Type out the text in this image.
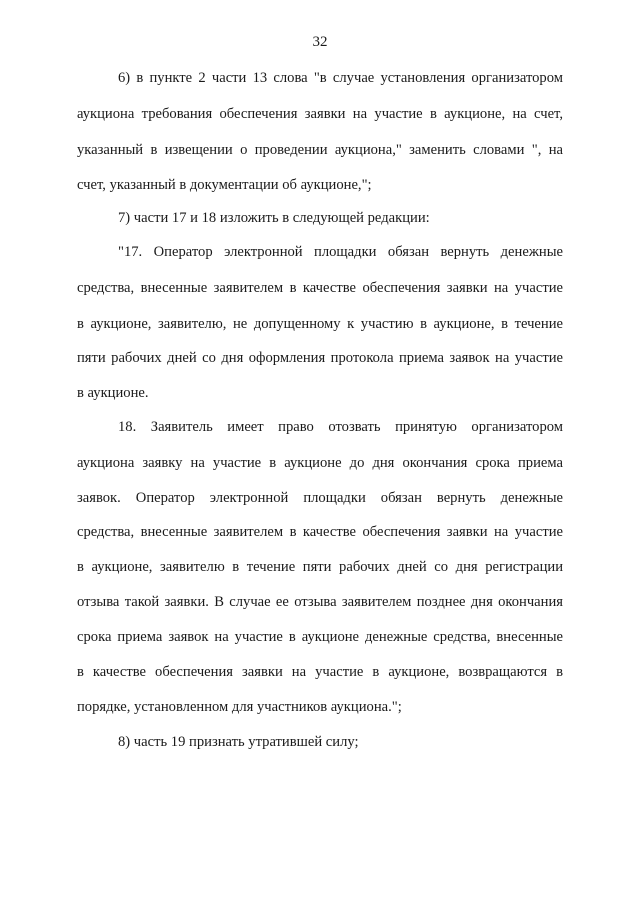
32
6) в пункте 2 части 13 слова "в случае установления организатором
аукциона требования обеспечения заявки на участие в аукционе, на счет,
указанный в извещении о проведении аукциона," заменить словами ", на
счет, указанный в документации об аукционе,";
7) части 17 и 18 изложить в следующей редакции:
"17. Оператор электронной площадки обязан вернуть денежные
средства, внесенные заявителем в качестве обеспечения заявки на участие
в аукционе, заявителю, не допущенному к участию в аукционе, в течение
пяти рабочих дней со дня оформления протокола приема заявок на участие
в аукционе.
18. Заявитель имеет право отозвать принятую организатором
аукциона заявку на участие в аукционе до дня окончания срока приема
заявок. Оператор электронной площадки обязан вернуть денежные
средства, внесенные заявителем в качестве обеспечения заявки на участие
в аукционе, заявителю в течение пяти рабочих дней со дня регистрации
отзыва такой заявки. В случае ее отзыва заявителем позднее дня окончания
срока приема заявок на участие в аукционе денежные средства, внесенные
в качестве обеспечения заявки на участие в аукционе, возвращаются в
порядке, установленном для участников аукциона.";
8) часть 19 признать утратившей силу;
